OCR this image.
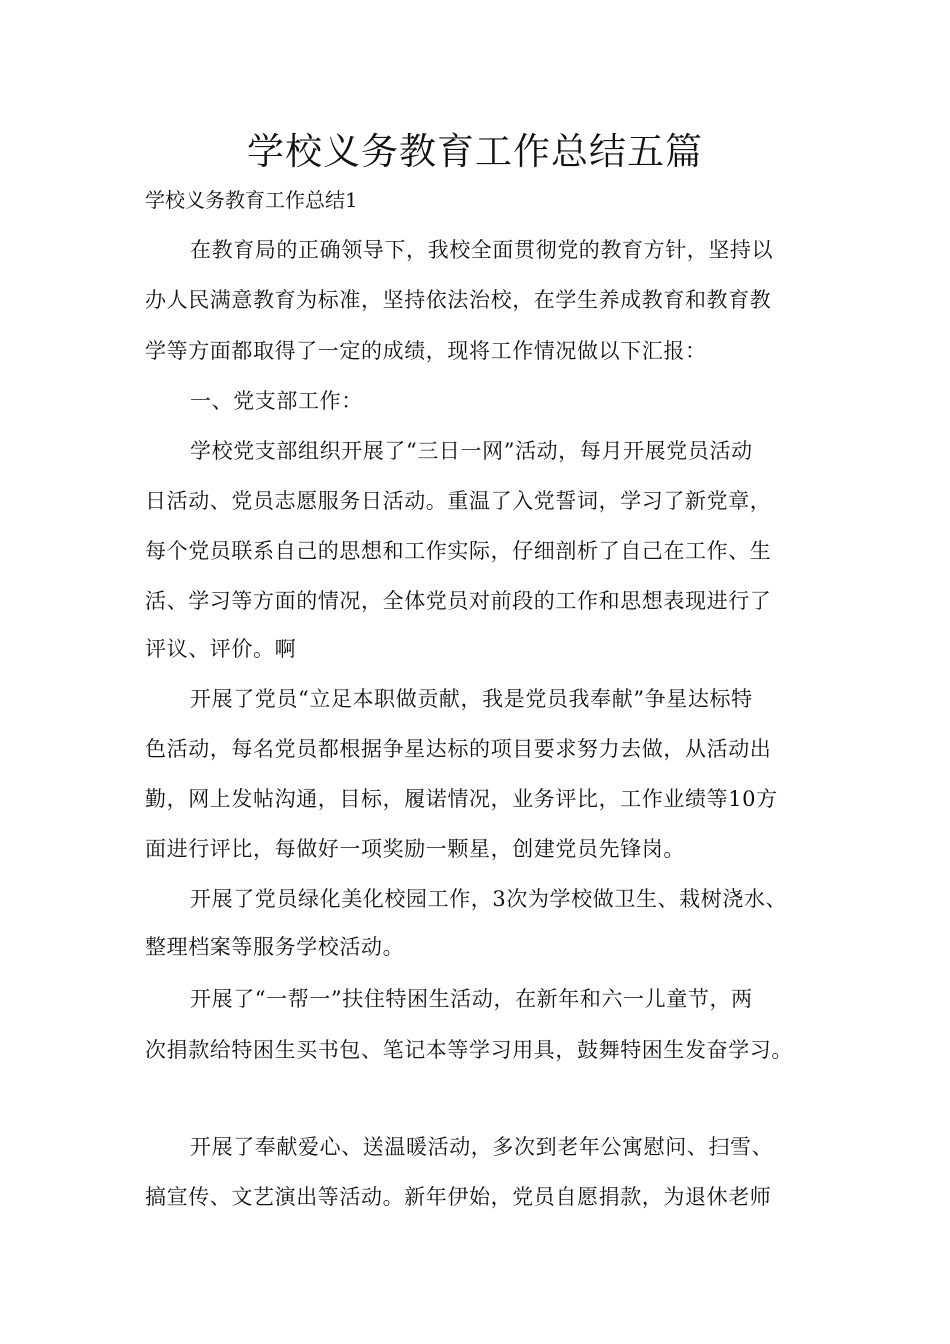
学校义务教育工作总结五篇
学校义务教育工作总结1
在教育局的正确领导下，我校全面贯彻党的教育方针，坚持以
办人民满意教育为标准，坚持依法治校，在学生养成教育和教育教
学等方面都取得了一定的成绩，现将工作情况做以下汇报：
一、党支部工作：
学校党支部组织开展了“三日一网”活动，每月开展党员活动
日活动、党员志愿服务日活动。重温了入党誓词，学习了新党章，
每个党员联系自己的思想和工作实际，仔细剖析了自己在工作、生
活、学习等方面的情况，全体党员对前段的工作和思想表现进行了
评议、评价。啊
开展了党员“立足本职做贡献，我是党员我奉献”争星达标特
色活动，每名党员都根据争星达标的项目要求努力去做，从活动出
勤，网上发帖沟通，目标，履诺情况，业务评比，工作业绩等10方
面进行评比，每做好一项奖励一颗星，创建党员先锋岗。
开展了党员绿化美化校园工作，3次为学校做卫生、栽树浇水、
整理档案等服务学校活动。
开展了“一帮一”扶住特困生活动，在新年和六一儿童节，两
次捐款给特困生买书包、笔记本等学习用具，鼓舞特困生发奋学习。
开展了奉献爱心、送温暖活动，多次到老年公寓慰问、扫雪、
搞宣传、文艺演出等活动。新年伊始，党员自愿捐款，为退休老师
